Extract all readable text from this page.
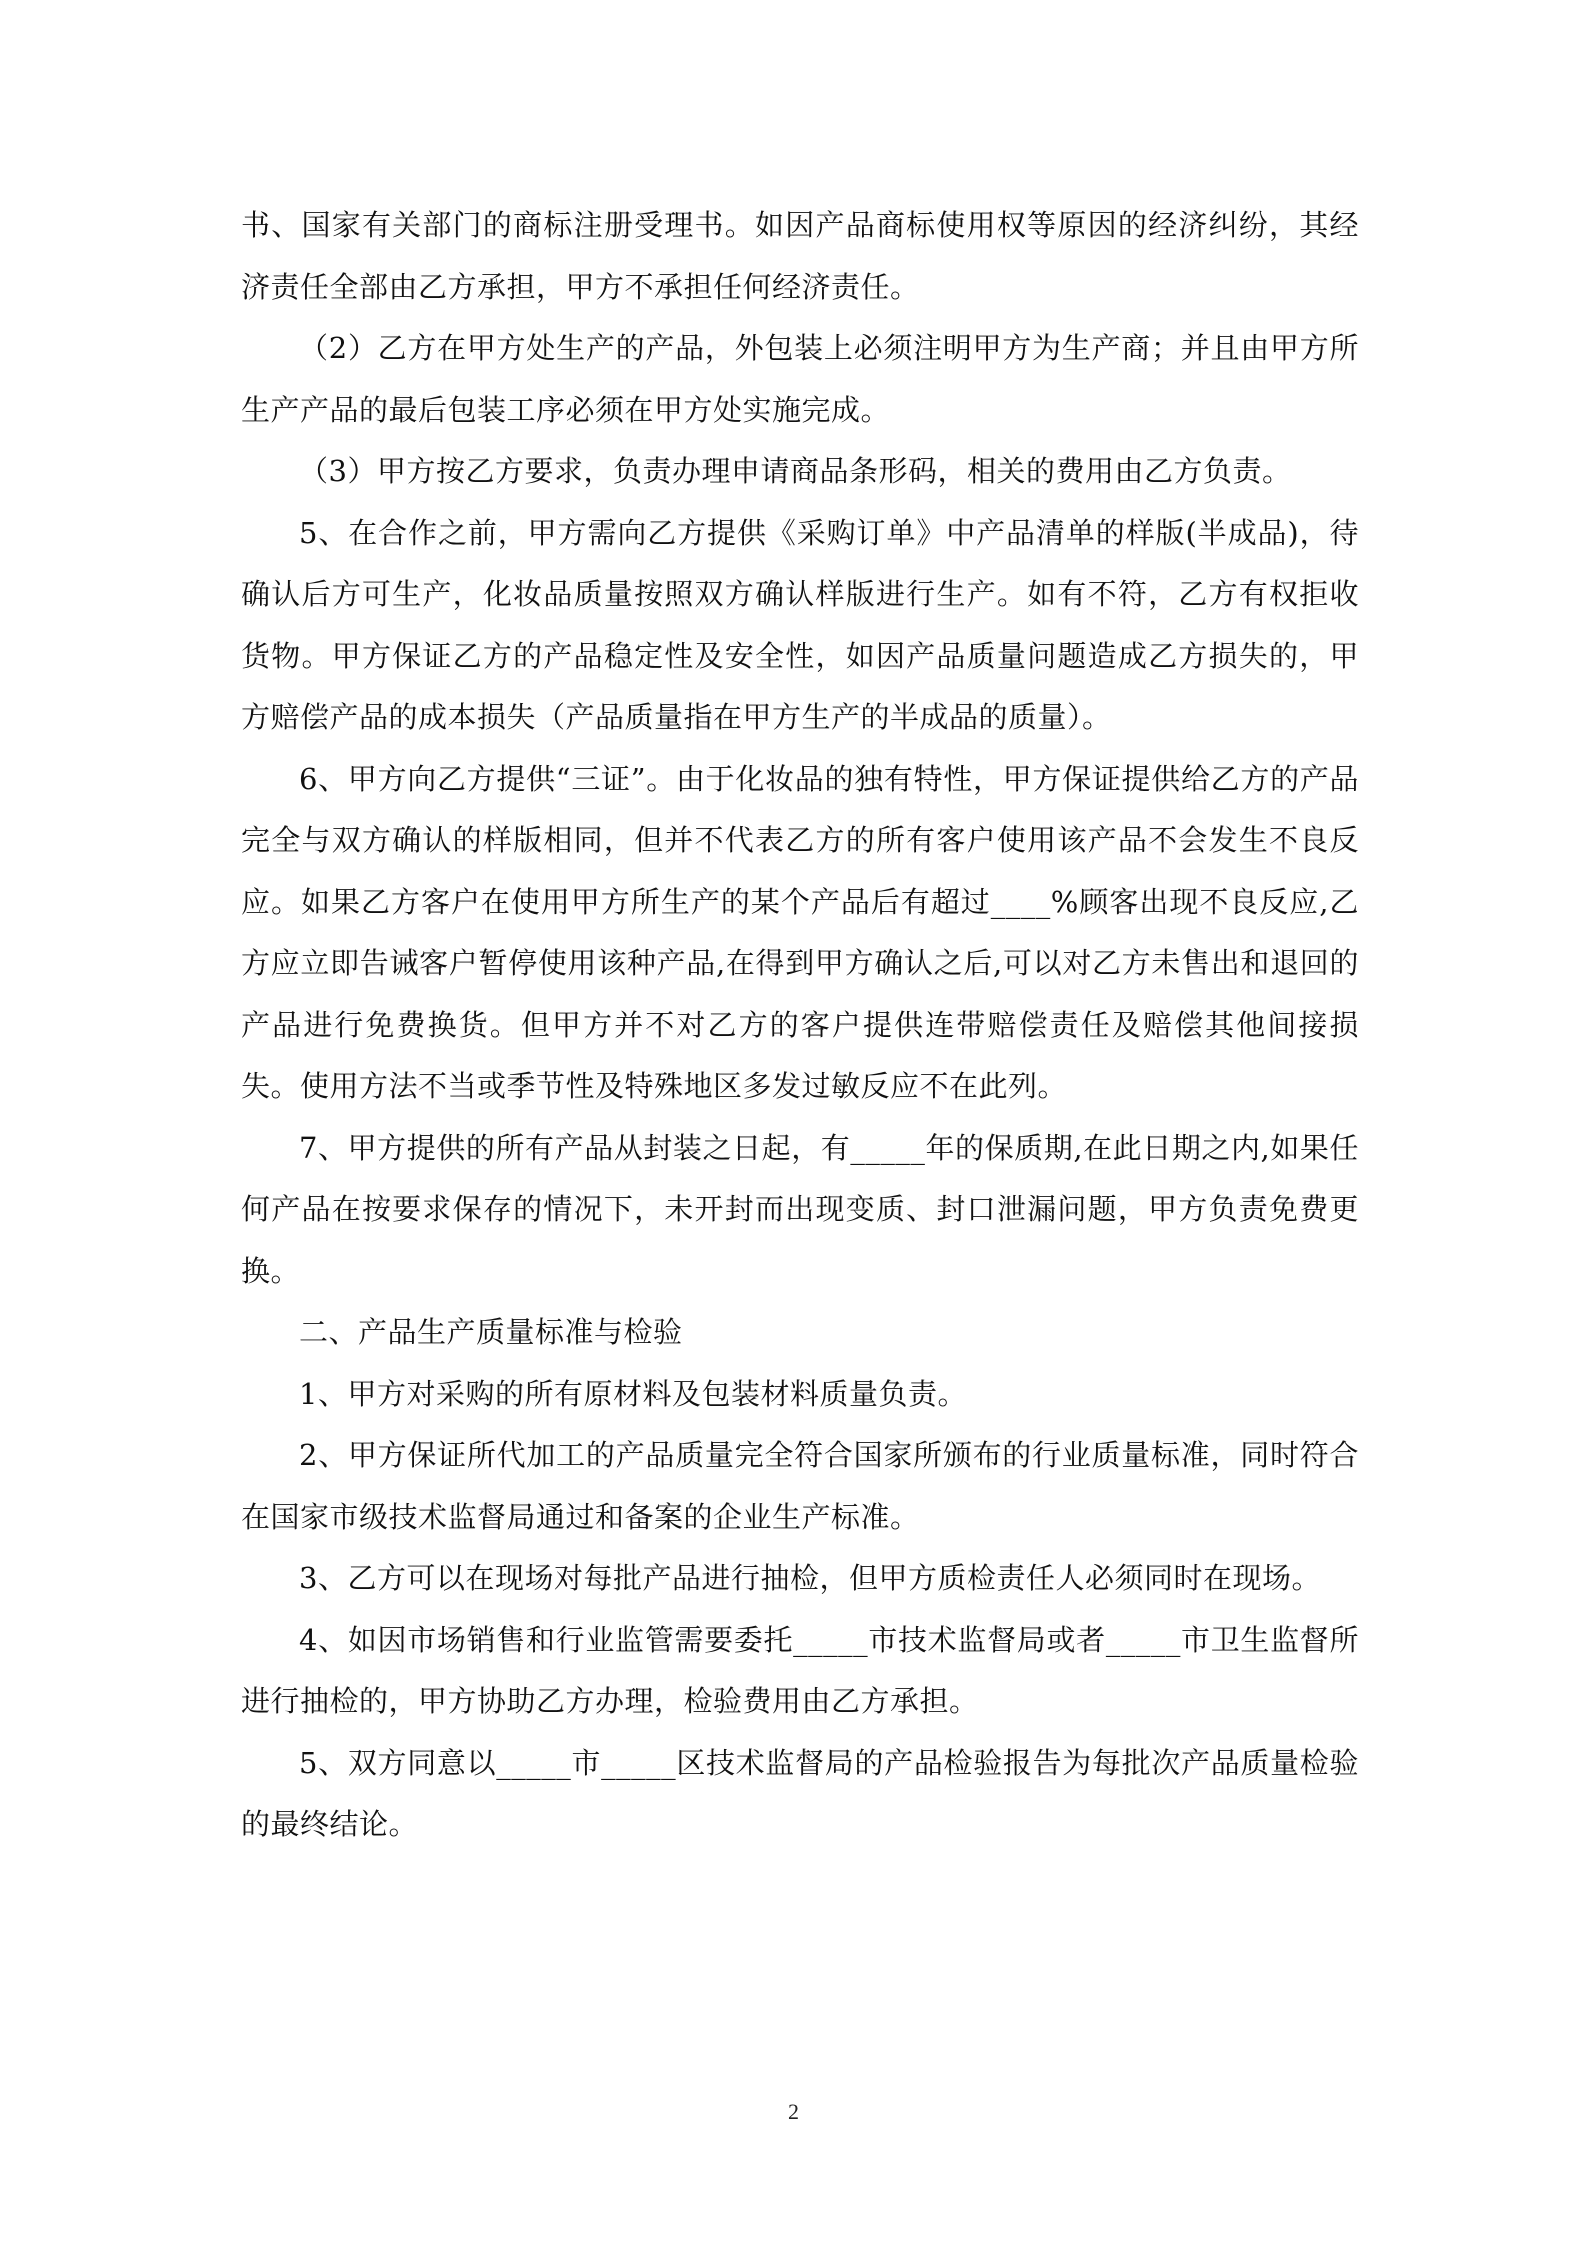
书、国家有关部门的商标注册受理书。如因产品商标使用权等原因的经济纠纷，其经济责任全部由乙方承担，甲方不承担任何经济责任。

（2）乙方在甲方处生产的产品，外包装上必须注明甲方为生产商；并且由甲方所生产产品的最后包装工序必须在甲方处实施完成。

（3）甲方按乙方要求，负责办理申请商品条形码，相关的费用由乙方负责。

5、在合作之前，甲方需向乙方提供《采购订单》中产品清单的样版(半成品)，待确认后方可生产，化妆品质量按照双方确认样版进行生产。如有不符，乙方有权拒收货物。甲方保证乙方的产品稳定性及安全性，如因产品质量问题造成乙方损失的，甲方赔偿产品的成本损失（产品质量指在甲方生产的半成品的质量）。

6、甲方向乙方提供“三证”。由于化妆品的独有特性，甲方保证提供给乙方的产品完全与双方确认的样版相同，但并不代表乙方的所有客户使用该产品不会发生不良反应。如果乙方客户在使用甲方所生产的某个产品后有超过____%顾客出现不良反应,乙方应立即告诫客户暂停使用该种产品,在得到甲方确认之后,可以对乙方未售出和退回的产品进行免费换货。但甲方并不对乙方的客户提供连带赔偿责任及赔偿其他间接损失。使用方法不当或季节性及特殊地区多发过敏反应不在此列。

7、甲方提供的所有产品从封装之日起，有_____年的保质期,在此日期之内,如果任何产品在按要求保存的情况下，未开封而出现变质、封口泄漏问题，甲方负责免费更换。

二、产品生产质量标准与检验

1、甲方对采购的所有原材料及包装材料质量负责。

2、甲方保证所代加工的产品质量完全符合国家所颁布的行业质量标准，同时符合在国家市级技术监督局通过和备案的企业生产标准。

3、乙方可以在现场对每批产品进行抽检，但甲方质检责任人必须同时在现场。

4、如因市场销售和行业监管需要委托_____市技术监督局或者_____市卫生监督所进行抽检的，甲方协助乙方办理，检验费用由乙方承担。

5、双方同意以_____市_____区技术监督局的产品检验报告为每批次产品质量检验的最终结论。

2
